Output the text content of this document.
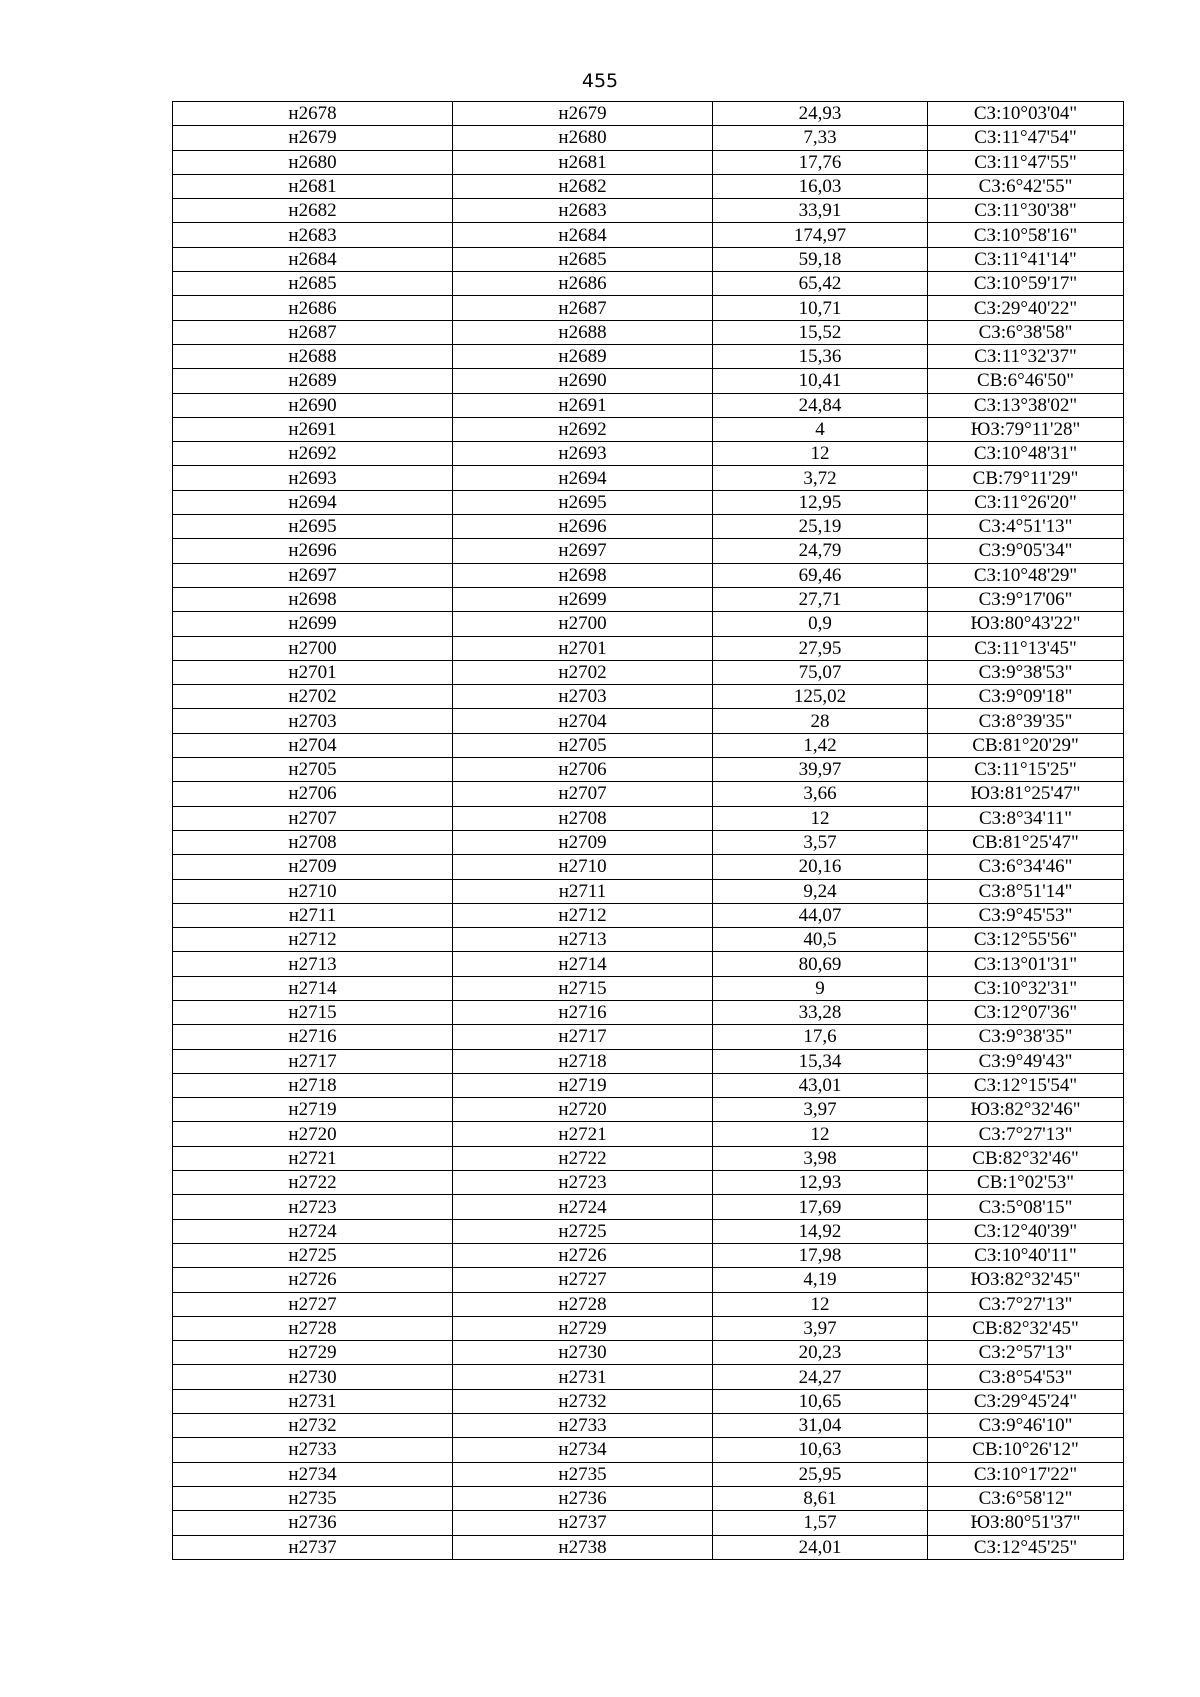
455
н2678	н2679	24,93	СЗ:10°03'04"
н2679	н2680	7,33	СЗ:11°47'54"
н2680	н2681	17,76	СЗ:11°47'55"
н2681	н2682	16,03	СЗ:6°42'55"
н2682	н2683	33,91	СЗ:11°30'38"
н2683	н2684	174,97	СЗ:10°58'16"
н2684	н2685	59,18	СЗ:11°41'14"
н2685	н2686	65,42	СЗ:10°59'17"
н2686	н2687	10,71	СЗ:29°40'22"
н2687	н2688	15,52	СЗ:6°38'58"
н2688	н2689	15,36	СЗ:11°32'37"
н2689	н2690	10,41	СВ:6°46'50"
н2690	н2691	24,84	СЗ:13°38'02"
н2691	н2692	4	ЮЗ:79°11'28"
н2692	н2693	12	СЗ:10°48'31"
н2693	н2694	3,72	СВ:79°11'29"
н2694	н2695	12,95	СЗ:11°26'20"
н2695	н2696	25,19	СЗ:4°51'13"
н2696	н2697	24,79	СЗ:9°05'34"
н2697	н2698	69,46	СЗ:10°48'29"
н2698	н2699	27,71	СЗ:9°17'06"
н2699	н2700	0,9	ЮЗ:80°43'22"
н2700	н2701	27,95	СЗ:11°13'45"
н2701	н2702	75,07	СЗ:9°38'53"
н2702	н2703	125,02	СЗ:9°09'18"
н2703	н2704	28	СЗ:8°39'35"
н2704	н2705	1,42	СВ:81°20'29"
н2705	н2706	39,97	СЗ:11°15'25"
н2706	н2707	3,66	ЮЗ:81°25'47"
н2707	н2708	12	СЗ:8°34'11"
н2708	н2709	3,57	СВ:81°25'47"
н2709	н2710	20,16	СЗ:6°34'46"
н2710	н2711	9,24	СЗ:8°51'14"
н2711	н2712	44,07	СЗ:9°45'53"
н2712	н2713	40,5	СЗ:12°55'56"
н2713	н2714	80,69	СЗ:13°01'31"
н2714	н2715	9	СЗ:10°32'31"
н2715	н2716	33,28	СЗ:12°07'36"
н2716	н2717	17,6	СЗ:9°38'35"
н2717	н2718	15,34	СЗ:9°49'43"
н2718	н2719	43,01	СЗ:12°15'54"
н2719	н2720	3,97	ЮЗ:82°32'46"
н2720	н2721	12	СЗ:7°27'13"
н2721	н2722	3,98	СВ:82°32'46"
н2722	н2723	12,93	СВ:1°02'53"
н2723	н2724	17,69	СЗ:5°08'15"
н2724	н2725	14,92	СЗ:12°40'39"
н2725	н2726	17,98	СЗ:10°40'11"
н2726	н2727	4,19	ЮЗ:82°32'45"
н2727	н2728	12	СЗ:7°27'13"
н2728	н2729	3,97	СВ:82°32'45"
н2729	н2730	20,23	СЗ:2°57'13"
н2730	н2731	24,27	СЗ:8°54'53"
н2731	н2732	10,65	СЗ:29°45'24"
н2732	н2733	31,04	СЗ:9°46'10"
н2733	н2734	10,63	СВ:10°26'12"
н2734	н2735	25,95	СЗ:10°17'22"
н2735	н2736	8,61	СЗ:6°58'12"
н2736	н2737	1,57	ЮЗ:80°51'37"
н2737	н2738	24,01	СЗ:12°45'25"
